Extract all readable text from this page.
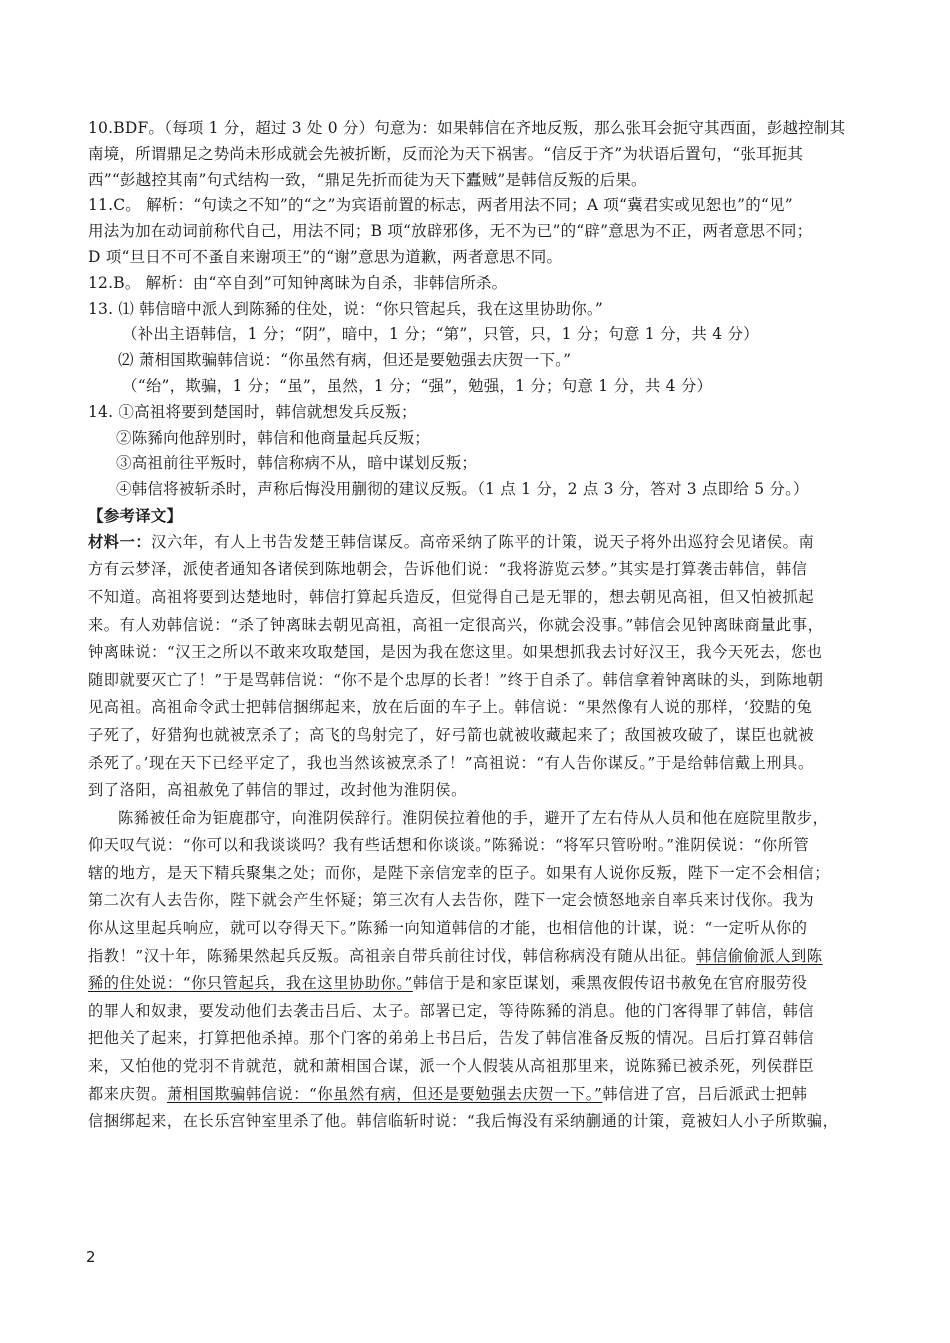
10.BDF。（每项 1 分，超过 3 处 0 分）句意为：如果韩信在齐地反叛，那么张耳会扼守其西面，彭越控制其
南境，所谓鼎足之势尚未形成就会先被折断，反而沦为天下祸害。“信反于齐”为状语后置句，“张耳扼其
西”“彭越控其南”句式结构一致，“鼎足先折而徒为天下蠹贼”是韩信反叛的后果。
11.C。 解析：“句读之不知”的“之”为宾语前置的标志，两者用法不同；A 项“冀君实或见恕也”的“见”
用法为加在动词前称代自己，用法不同；B 项“放辟邪侈，无不为已”的“辟”意思为不正，两者意思不同；
D 项“旦日不可不蚤自来谢项王”的“谢”意思为道歉，两者意思不同。
12.B。 解析：由“卒自刭”可知钟离昧为自杀，非韩信所杀。
13. ⑴ 韩信暗中派人到陈豨的住处，说：“你只管起兵，我在这里协助你。”
（补出主语韩信，1 分；“阴”，暗中，1 分；“第”，只管，只，1 分；句意 1 分，共 4 分）
⑵ 萧相国欺骗韩信说：“你虽然有病，但还是要勉强去庆贺一下。”
（“绐”，欺骗，1 分；“虽”，虽然，1 分；“强”，勉强，1 分；句意 1 分，共 4 分）
14. ①高祖将要到楚国时，韩信就想发兵反叛；
②陈豨向他辞别时，韩信和他商量起兵反叛；
③高祖前往平叛时，韩信称病不从，暗中谋划反叛；
④韩信将被斩杀时，声称后悔没用蒯彻的建议反叛。（1 点 1 分，2 点 3 分，答对 3 点即给 5 分。）
【参考译文】
材料一：汉六年，有人上书告发楚王韩信谋反。高帝采纳了陈平的计策，说天子将外出巡狩会见诸侯。南
方有云梦泽，派使者通知各诸侯到陈地朝会，告诉他们说：“我将游览云梦。”其实是打算袭击韩信，韩信
不知道。高祖将要到达楚地时，韩信打算起兵造反，但觉得自己是无罪的，想去朝见高祖，但又怕被抓起
来。有人劝韩信说：“杀了钟离昧去朝见高祖，高祖一定很高兴，你就会没事。”韩信会见钟离昧商量此事，
钟离昧说：“汉王之所以不敢来攻取楚国，是因为我在您这里。如果想抓我去讨好汉王，我今天死去，您也
随即就要灭亡了！”于是骂韩信说：“你不是个忠厚的长者！”终于自杀了。韩信拿着钟离昧的头，到陈地朝
见高祖。高祖命令武士把韩信捆绑起来，放在后面的车子上。韩信说：“果然像有人说的那样，‘狡黠的兔
子死了，好猎狗也就被烹杀了；高飞的鸟射完了，好弓箭也就被收藏起来了；敌国被攻破了，谋臣也就被
杀死了。’现在天下已经平定了，我也当然该被烹杀了！”高祖说：“有人告你谋反。”于是给韩信戴上刑具。
到了洛阳，高祖赦免了韩信的罪过，改封他为淮阴侯。
陈豨被任命为钜鹿郡守，向淮阴侯辞行。淮阴侯拉着他的手，避开了左右侍从人员和他在庭院里散步，
仰天叹气说：“你可以和我谈谈吗？我有些话想和你谈谈。”陈豨说：“将军只管吩咐。”淮阴侯说：“你所管
辖的地方，是天下精兵聚集之处；而你，是陛下亲信宠幸的臣子。如果有人说你反叛，陛下一定不会相信；
第二次有人去告你，陛下就会产生怀疑；第三次有人去告你，陛下一定会愤怒地亲自率兵来讨伐你。我为
你从这里起兵响应，就可以夺得天下。”陈豨一向知道韩信的才能，也相信他的计谋，说：“一定听从你的
指教！”汉十年，陈豨果然起兵反叛。高祖亲自带兵前往讨伐，韩信称病没有随从出征。韩信偷偷派人到陈
豨的住处说：“你只管起兵，我在这里协助你。”韩信于是和家臣谋划，乘黑夜假传诏书赦免在官府服劳役
的罪人和奴隶，要发动他们去袭击吕后、太子。部署已定，等待陈豨的消息。他的门客得罪了韩信，韩信
把他关了起来，打算把他杀掉。那个门客的弟弟上书吕后，告发了韩信准备反叛的情况。吕后打算召韩信
来，又怕他的党羽不肯就范，就和萧相国合谋，派一个人假装从高祖那里来，说陈豨已被杀死，列侯群臣
都来庆贺。萧相国欺骗韩信说：“你虽然有病，但还是要勉强去庆贺一下。”韩信进了宫，吕后派武士把韩
信捆绑起来，在长乐宫钟室里杀了他。韩信临斩时说：“我后悔没有采纳蒯通的计策，竟被妇人小子所欺骗，
2
